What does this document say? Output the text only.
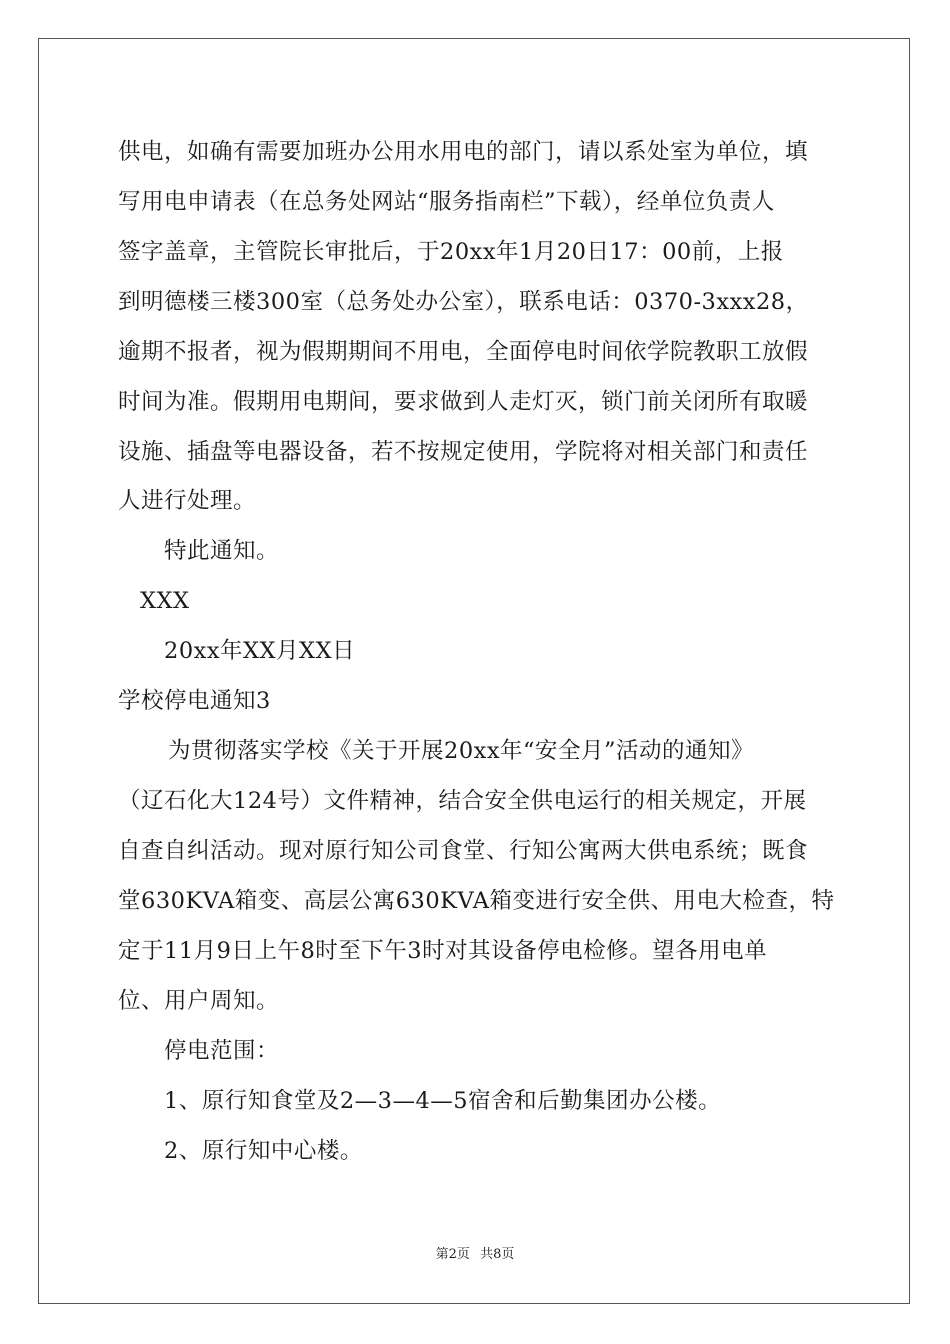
供电，如确有需要加班办公用水用电的部门，请以系处室为单位，填
写用电申请表（在总务处网站“服务指南栏”下载），经单位负责人
签字盖章，主管院长审批后，于20xx年1月20日17：00前，上报
到明德楼三楼300室（总务处办公室），联系电话：0370-3xxx28，
逾期不报者，视为假期期间不用电，全面停电时间依学院教职工放假
时间为准。假期用电期间，要求做到人走灯灭，锁门前关闭所有取暖
设施、插盘等电器设备，若不按规定使用，学院将对相关部门和责任
人进行处理。
特此通知。
XXX
20xx年XX月XX日
学校停电通知3
为贯彻落实学校《关于开展20xx年“安全月”活动的通知》
（辽石化大124号）文件精神，结合安全供电运行的相关规定，开展
自查自纠活动。现对原行知公司食堂、行知公寓两大供电系统；既食
堂630KVA箱变、高层公寓630KVA箱变进行安全供、用电大检查，特
定于11月9日上午8时至下午3时对其设备停电检修。望各用电单
位、用户周知。
停电范围：
1、原行知食堂及2—3—4—5宿舍和后勤集团办公楼。
2、原行知中心楼。
第2页 共8页
